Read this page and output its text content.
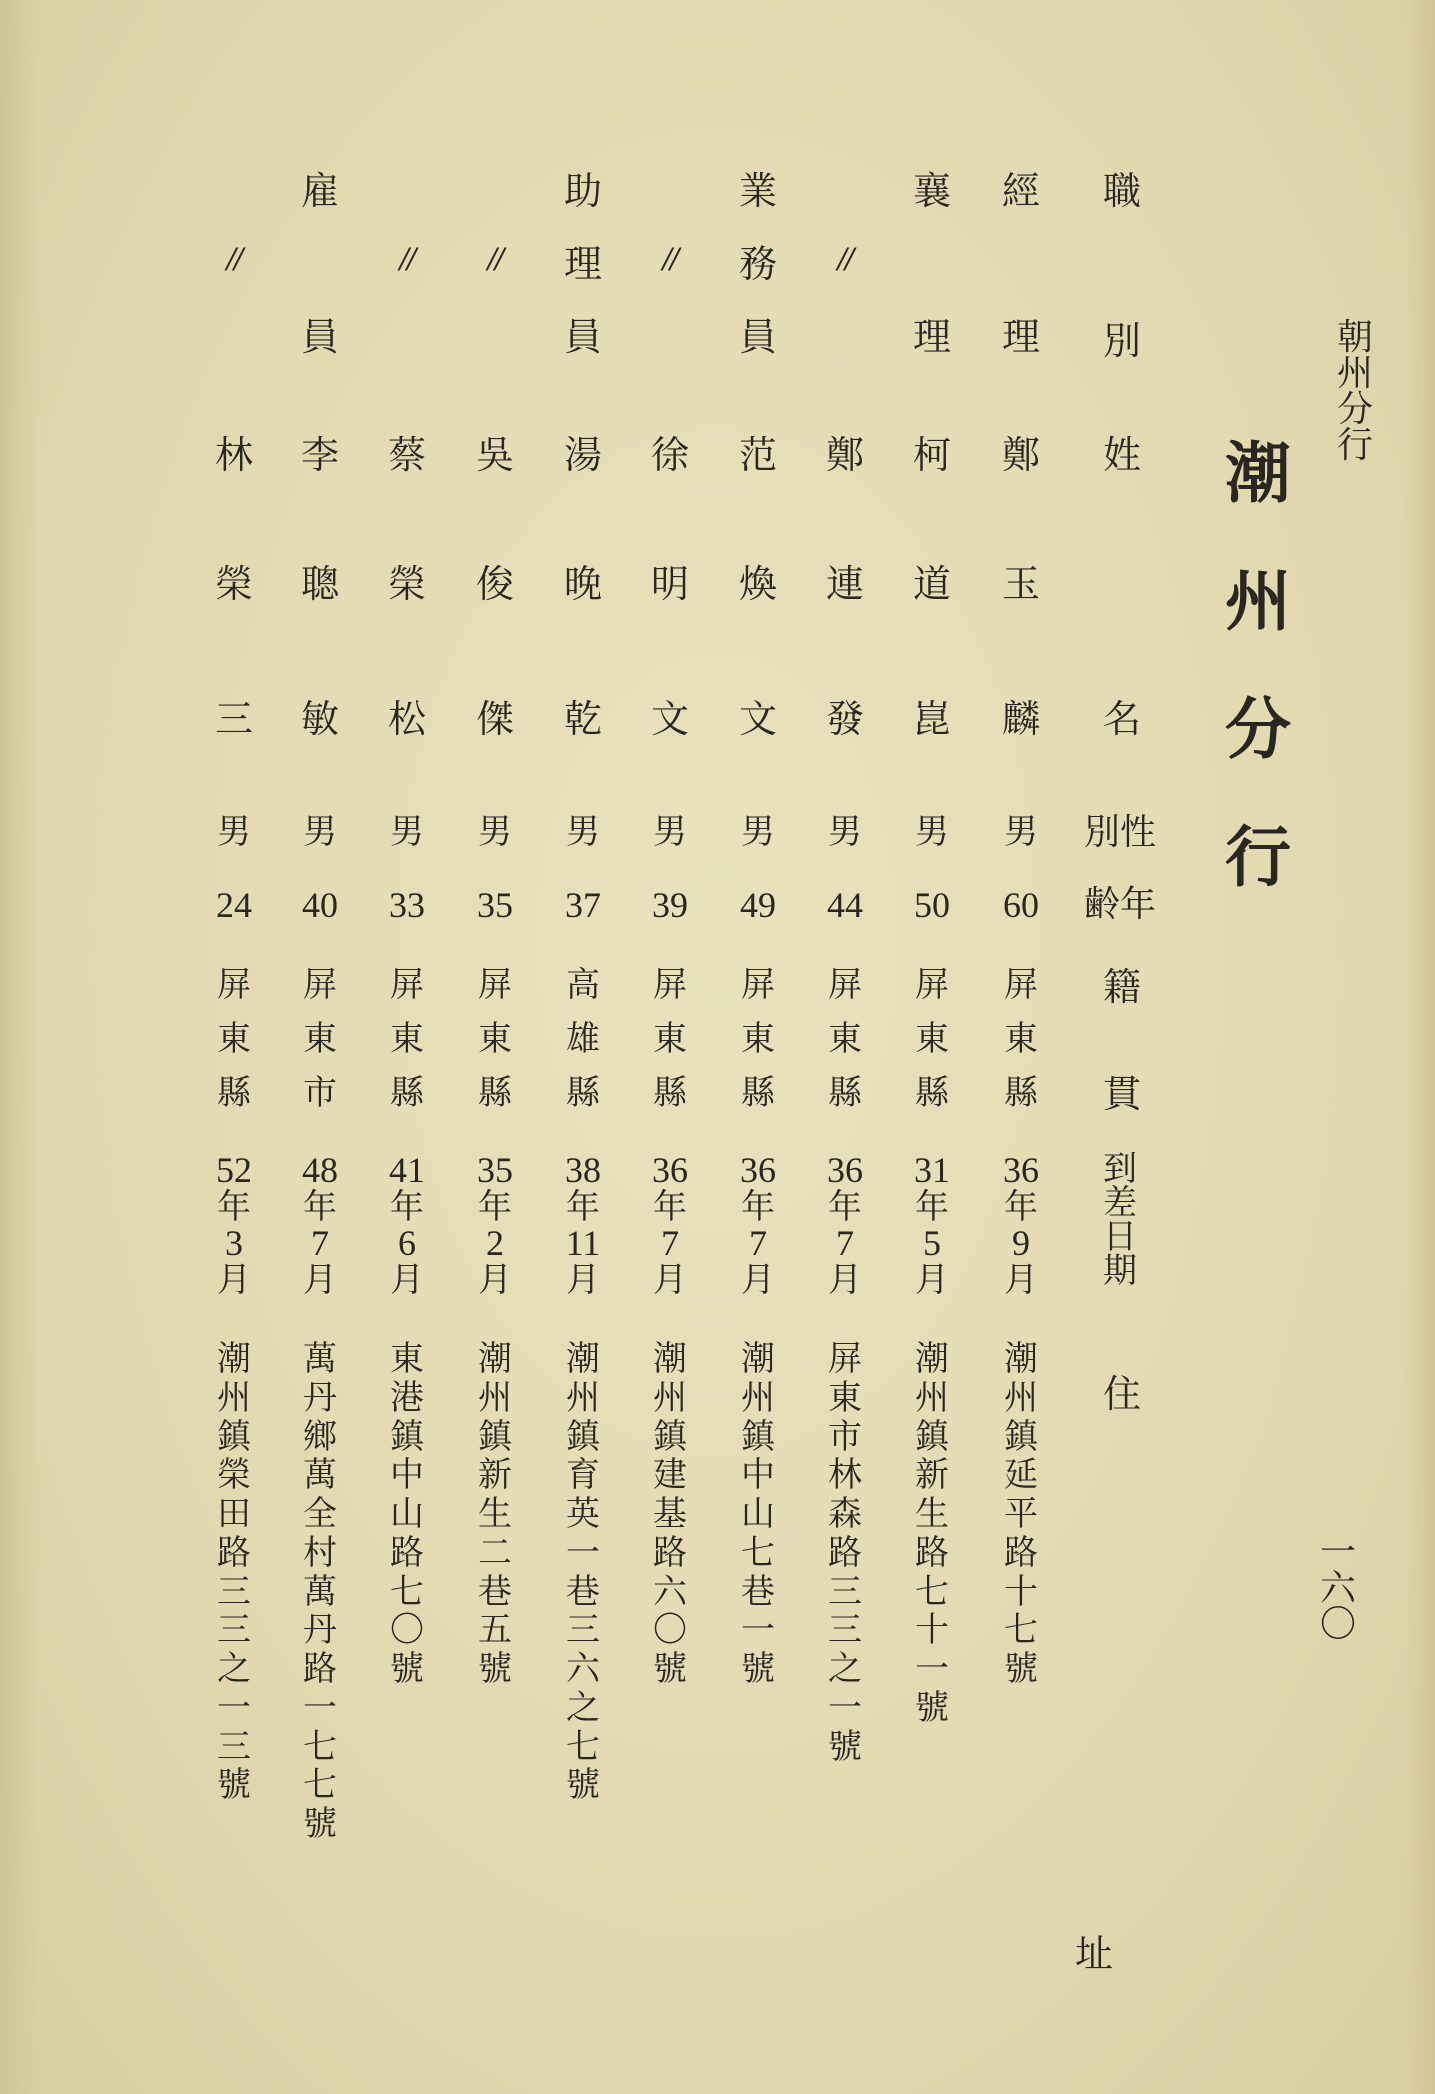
朝
州
分
行
潮
州
分
行
一
六
〇
職
別
姓
名
性
別
年
齢
籍
貫
到
差
日
期
住
址
經
理
鄭
玉
麟
男
60
屏
東
縣
36
年
9
月
潮
州
鎮
延
平
路
十
七
號
襄
理
柯
道
崑
男
50
屏
東
縣
31
年
5
月
潮
州
鎮
新
生
路
七
十
一
號
//
鄭
連
發
男
44
屏
東
縣
36
年
7
月
屏
東
市
林
森
路
三
三
之
一
號
業
務
員
范
煥
文
男
49
屏
東
縣
36
年
7
月
潮
州
鎮
中
山
七
巷
一
號
//
徐
明
文
男
39
屏
東
縣
36
年
7
月
潮
州
鎮
建
基
路
六
〇
號
助
理
員
湯
晚
乾
男
37
高
雄
縣
38
年
11
月
潮
州
鎮
育
英
一
巷
三
六
之
七
號
//
吳
俊
傑
男
35
屏
東
縣
35
年
2
月
潮
州
鎮
新
生
二
巷
五
號
//
蔡
榮
松
男
33
屏
東
縣
41
年
6
月
東
港
鎮
中
山
路
七
〇
號
雇
員
李
聰
敏
男
40
屏
東
市
48
年
7
月
萬
丹
鄉
萬
全
村
萬
丹
路
一
七
七
號
//
林
榮
三
男
24
屏
東
縣
52
年
3
月
潮
州
鎮
榮
田
路
三
三
之
一
三
號
